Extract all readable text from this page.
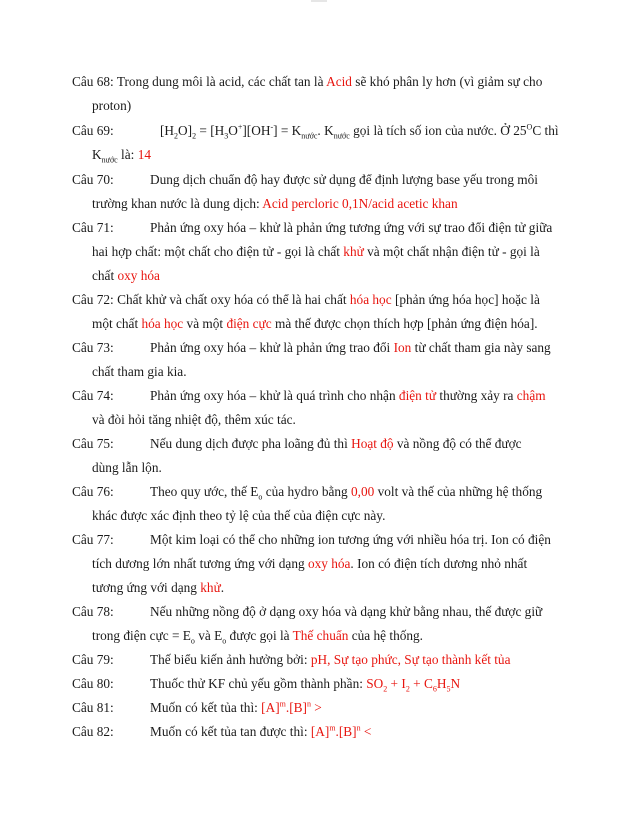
Câu 68: Trong dung môi là acid, các chất tan là Acid sẽ khó phân ly hơn (vì giảm sự cho
proton)
Câu 69:	$[H_2O]_2 = [H_3O^+][OH^-] = K_{nước}$. $K_{nước}$ gọi là tích số ion của nước. Ở $25^OC$ thì
$K_{nước}$ là: 14
Câu 70:	Dung dịch chuẩn độ hay được sử dụng để định lượng base yếu trong môi
trường khan nước là dung dịch: Acid percloric 0,1N/acid acetic khan
Câu 71:	Phản ứng oxy hóa – khử là phản ứng tương ứng với sự trao đổi điện tử giữa
hai hợp chất: một chất cho điện tử - gọi là chất khử và một chất nhận điện tử - gọi là
chất oxy hóa
Câu 72: Chất khử và chất oxy hóa có thể là hai chất hóa học [phản ứng hóa học] hoặc là
một chất hóa học và một điện cực mà thế được chọn thích hợp [phản ứng điện hóa].
Câu 73:	Phản ứng oxy hóa – khử là phản ứng trao đổi Ion từ chất tham gia này sang
chất tham gia kia.
Câu 74:	Phản ứng oxy hóa – khử là quá trình cho nhận điện tử thường xảy ra chậm
và đòi hỏi tăng nhiệt độ, thêm xúc tác.
Câu 75:	Nếu dung dịch được pha loãng đủ thì Hoạt độ và nồng độ có thể được
dùng lẫn lộn.
Câu 76:	Theo quy ước, thế $E_o$ của hydro bằng 0,00 volt và thế của những hệ thống
khác được xác định theo tỷ lệ của thế của điện cực này.
Câu 77:	Một kim loại có thể cho những ion tương ứng với nhiều hóa trị. Ion có điện
tích dương lớn nhất tương ứng với dạng oxy hóa. Ion có điện tích dương nhỏ nhất
tương ứng với dạng khử.
Câu 78:	Nếu những nồng độ ở dạng oxy hóa và dạng khử bằng nhau, thế được giữ
trong điện cực = $E_o$ và $E_o$ được gọi là Thế chuẩn của hệ thống.
Câu 79:	Thế biểu kiến ảnh hưởng bởi: pH, Sự tạo phức, Sự tạo thành kết tủa
Câu 80:	Thuốc thử KF chủ yếu gồm thành phần: $SO_2 + I_2 + C_6H_5N$
Câu 81:	Muốn có kết tủa thì: $[A]^m.[B]^n$ >
Câu 82:	Muốn có kết tủa tan được thì: $[A]^m.[B]^n$ <
